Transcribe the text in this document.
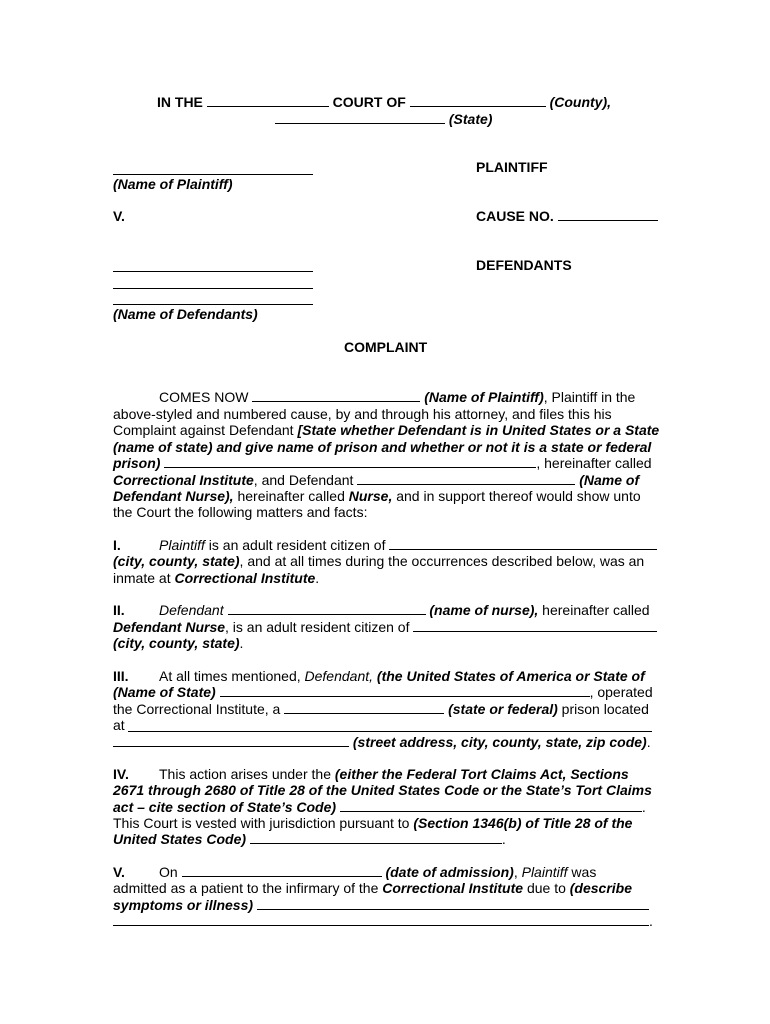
IN THE	COURT OF	(County),
(State)
PLAINTIFF
(Name of Plaintiff)
V.	CAUSE NO.
DEFENDANTS
(Name of Defendants)
COMPLAINT
COMES NOW	(Name of Plaintiff), Plaintiff in the
above-styled and numbered cause, by and through his attorney, and files this his
Complaint against Defendant [State whether Defendant is in United States or a State
(name of state) and give name of prison and whether or not it is a state or federal
prison)	, hereinafter called
Correctional Institute, and Defendant	(Name of
Defendant Nurse), hereinafter called Nurse, and in support thereof would show unto
the Court the following matters and facts:
I.	Plaintiff is an adult resident citizen of
(city, county, state), and at all times during the occurrences described below, was an
inmate at Correctional Institute.
II. Defendant	(name of nurse), hereinafter called
Defendant Nurse, is an adult resident citizen of
(city, county, state).
III. At all times mentioned, Defendant, (the United States of America or State of
(Name of State)	, operated
the Correctional Institute, a	(state or federal) prison located
at
(street address, city, county, state, zip code).
IV. This action arises under the (either the Federal Tort Claims Act, Sections
2671 through 2680 of Title 28 of the United States Code or the State’s Tort Claims
act – cite section of State’s Code)	.
This Court is vested with jurisdiction pursuant to (Section 1346(b) of Title 28 of the
United States Code)	.
V. On	(date of admission), Plaintiff was
admitted as a patient to the infirmary of the Correctional Institute due to (describe
symptoms or illness)
.
